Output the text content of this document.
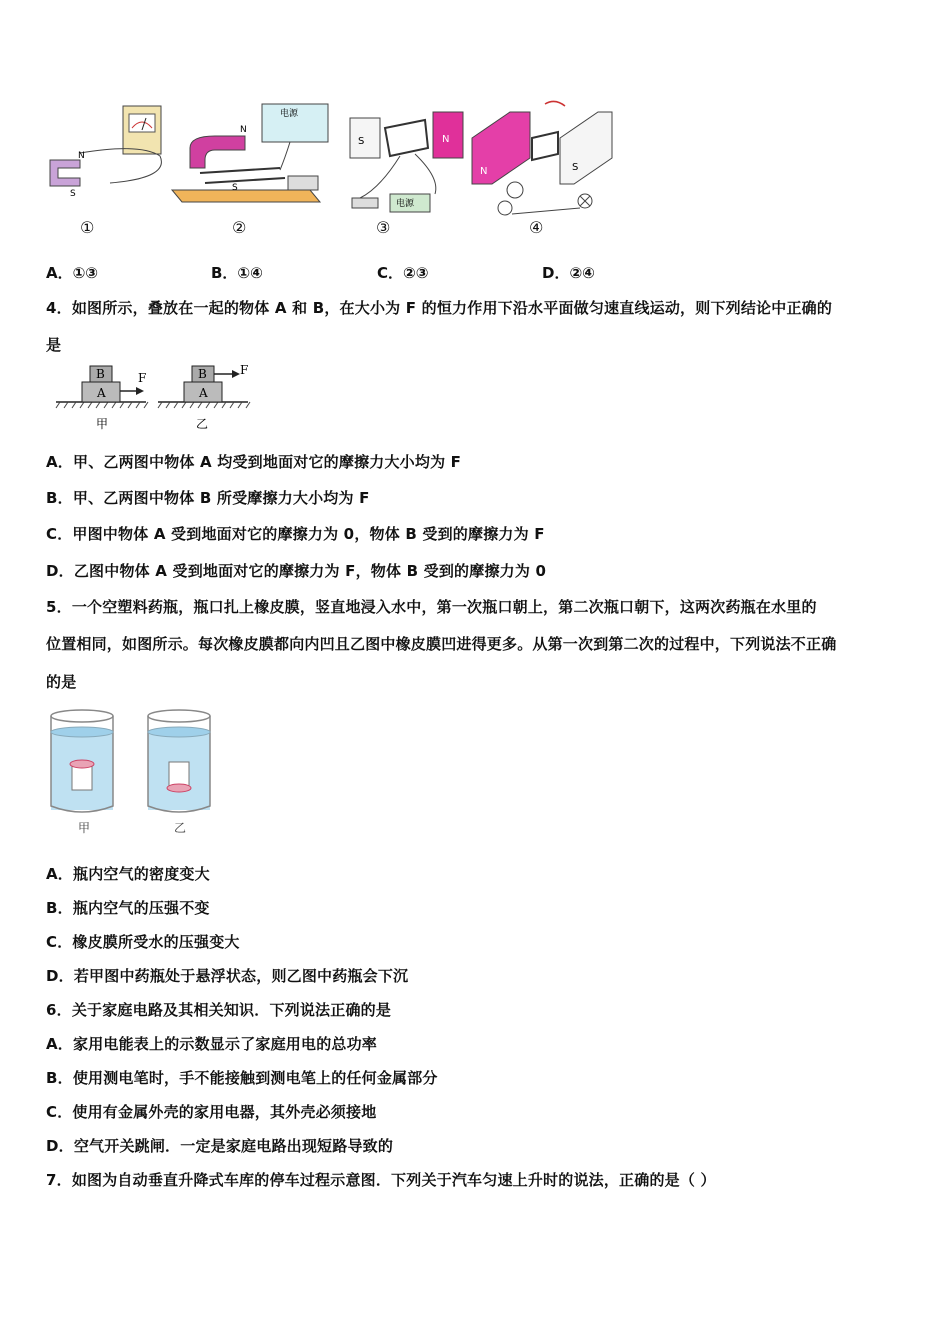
N
S
电源
N
S
S	N
电源
N	S
①	②	③	④
A．①③	B．①④	C．②③	D．②④
4．如图所示，叠放在一起的物体 A 和 B，在大小为 F 的恒力作用下沿水平面做匀速直线运动，则下列结论中正确的
是
B
A
F	B
A
F
甲	乙
A．甲、乙两图中物体 A 均受到地面对它的摩擦力大小均为 F
B．甲、乙两图中物体 B 所受摩擦力大小均为 F
C．甲图中物体 A 受到地面对它的摩擦力为 0，物体 B 受到的摩擦力为 F
D．乙图中物体 A 受到地面对它的摩擦力为 F，物体 B 受到的摩擦力为 0
5．一个空塑料药瓶，瓶口扎上橡皮膜，竖直地浸入水中，第一次瓶口朝上，第二次瓶口朝下，这两次药瓶在水里的
位置相同，如图所示。每次橡皮膜都向内凹且乙图中橡皮膜凹进得更多。从第一次到第二次的过程中，下列说法不正确
的是
甲	乙
A．瓶内空气的密度变大
B．瓶内空气的压强不变
C．橡皮膜所受水的压强变大
D．若甲图中药瓶处于悬浮状态，则乙图中药瓶会下沉
6．关于家庭电路及其相关知识．下列说法正确的是
A．家用电能表上的示数显示了家庭用电的总功率
B．使用测电笔时，手不能接触到测电笔上的任何金属部分
C．使用有金属外壳的家用电器，其外壳必须接地
D．空气开关跳闸．一定是家庭电路出现短路导致的
7．如图为自动垂直升降式车库的停车过程示意图．下列关于汽车匀速上升时的说法，正确的是（ ）
